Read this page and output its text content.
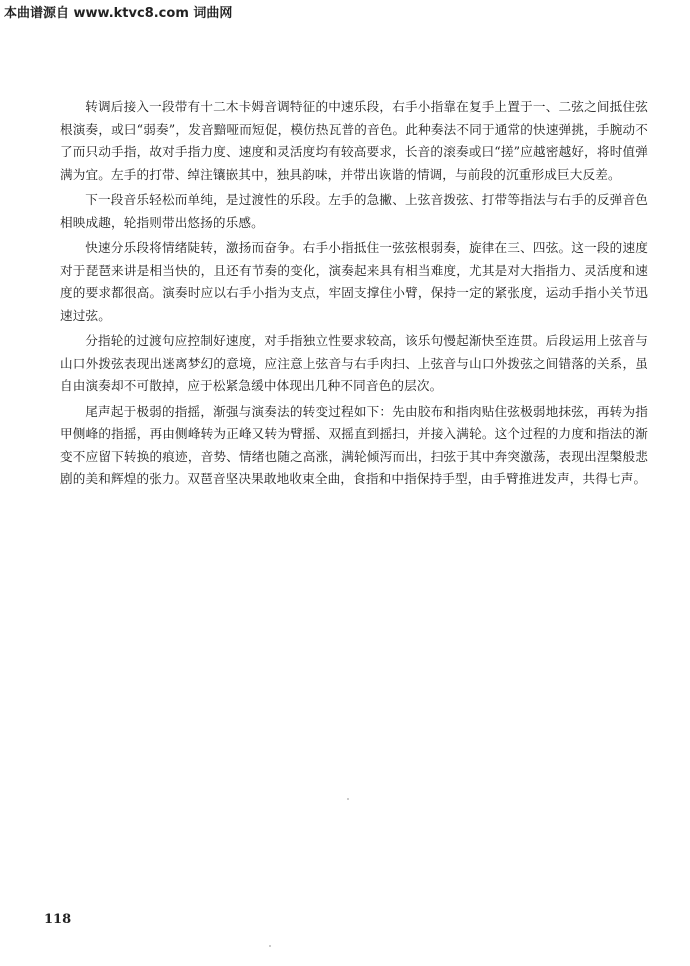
本曲谱源自 www.ktvc8.com 词曲网

转调后接入一段带有十二木卡姆音调特征的中速乐段，右手小指靠在复手上置于一、二弦之间抵住弦根演奏，或曰“弱奏”，发音黯哑而短促，模仿热瓦普的音色。此种奏法不同于通常的快速弹挑，手腕动不了而只动手指，故对手指力度、速度和灵活度均有较高要求，长音的滚奏或曰“搓”应越密越好，将时值弹满为宜。左手的打带、绰注镶嵌其中，独具韵味，并带出诙谐的情调，与前段的沉重形成巨大反差。

下一段音乐轻松而单纯，是过渡性的乐段。左手的急撇、上弦音拨弦、打带等指法与右手的反弹音色相映成趣，轮指则带出悠扬的乐感。

快速分乐段将情绪陡转，激扬而奋争。右手小指抵住一弦弦根弱奏，旋律在三、四弦。这一段的速度对于琵琶来讲是相当快的，且还有节奏的变化，演奏起来具有相当难度，尤其是对大指指力、灵活度和速度的要求都很高。演奏时应以右手小指为支点，牢固支撑住小臂，保持一定的紧张度，运动手指小关节迅速过弦。

分指轮的过渡句应控制好速度，对手指独立性要求较高，该乐句慢起渐快至连贯。后段运用上弦音与山口外拨弦表现出迷离梦幻的意境，应注意上弦音与右手肉扫、上弦音与山口外拨弦之间错落的关系，虽自由演奏却不可散掉，应于松紧急缓中体现出几种不同音色的层次。

尾声起于极弱的指摇，渐强与演奏法的转变过程如下：先由胶布和指肉贴住弦极弱地抹弦，再转为指甲侧峰的指摇，再由侧峰转为正峰又转为臂摇、双摇直到摇扫，并接入满轮。这个过程的力度和指法的渐变不应留下转换的痕迹，音势、情绪也随之高涨，满轮倾泻而出，扫弦于其中奔突激荡，表现出涅槃般悲剧的美和辉煌的张力。双琶音坚决果敢地收束全曲，食指和中指保持手型，由手臂推进发声，共得七声。

118
